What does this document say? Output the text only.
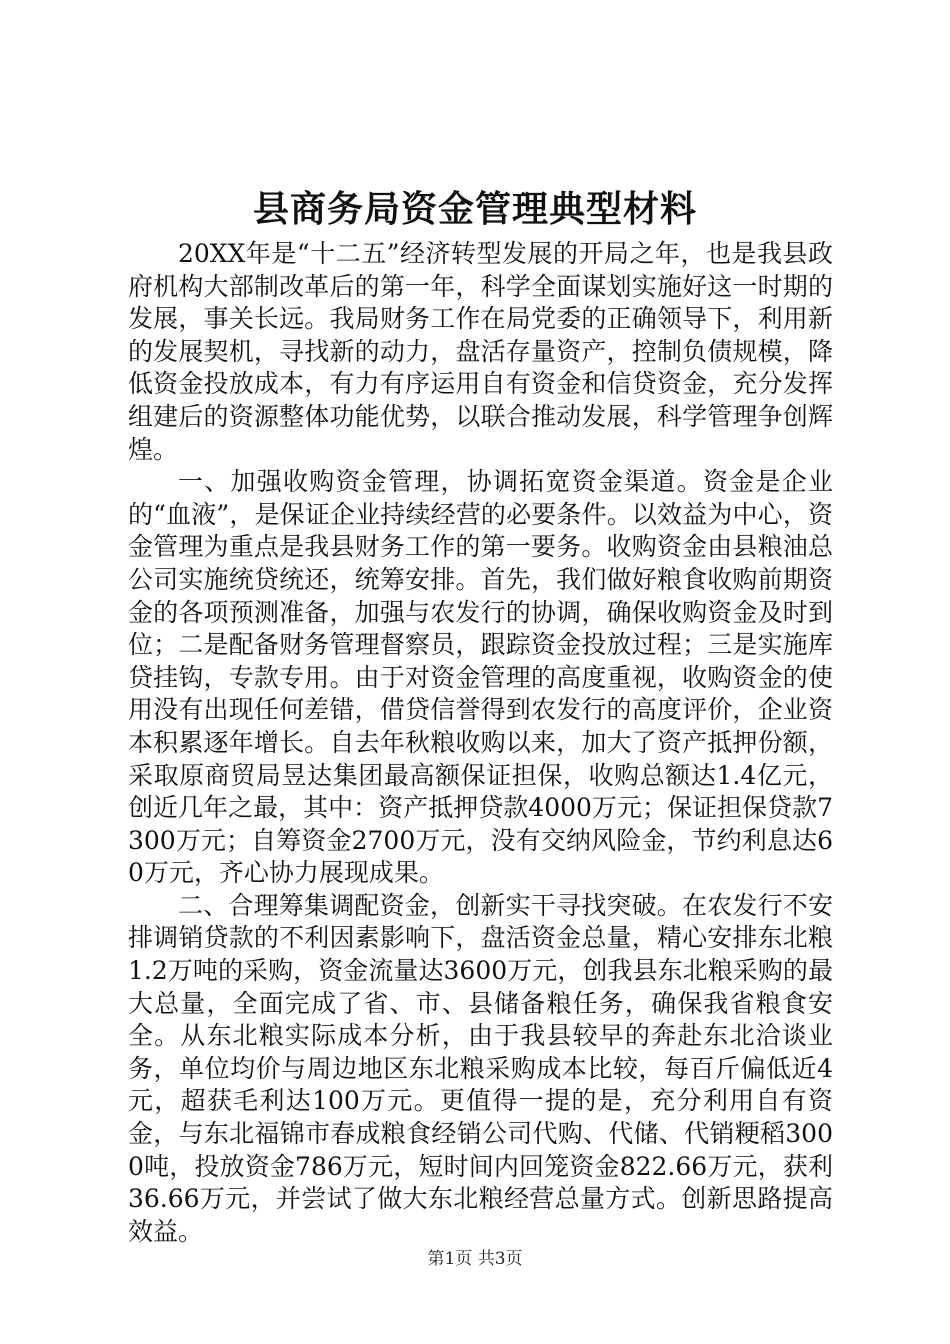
县商务局资金管理典型材料

20XX年是“十二五”经济转型发展的开局之年，也是我县政府机构大部制改革后的第一年，科学全面谋划实施好这一时期的发展，事关长远。我局财务工作在局党委的正确领导下，利用新的发展契机，寻找新的动力，盘活存量资产，控制负债规模，降低资金投放成本，有力有序运用自有资金和信贷资金，充分发挥组建后的资源整体功能优势，以联合推动发展，科学管理争创辉煌。

一、加强收购资金管理，协调拓宽资金渠道。资金是企业的“血液”，是保证企业持续经营的必要条件。以效益为中心，资金管理为重点是我县财务工作的第一要务。收购资金由县粮油总公司实施统贷统还，统筹安排。首先，我们做好粮食收购前期资金的各项预测准备，加强与农发行的协调，确保收购资金及时到位；二是配备财务管理督察员，跟踪资金投放过程；三是实施库贷挂钩，专款专用。由于对资金管理的高度重视，收购资金的使用没有出现任何差错，借贷信誉得到农发行的高度评价，企业资本积累逐年增长。自去年秋粮收购以来，加大了资产抵押份额，采取原商贸局昱达集团最高额保证担保，收购总额达1.4亿元，创近几年之最，其中：资产抵押贷款4000万元；保证担保贷款7300万元；自筹资金2700万元，没有交纳风险金，节约利息达60万元，齐心协力展现成果。

二、合理筹集调配资金，创新实干寻找突破。在农发行不安排调销贷款的不利因素影响下，盘活资金总量，精心安排东北粮1.2万吨的采购，资金流量达3600万元，创我县东北粮采购的最大总量，全面完成了省、市、县储备粮任务，确保我省粮食安全。从东北粮实际成本分析，由于我县较早的奔赴东北洽谈业务，单位均价与周边地区东北粮采购成本比较，每百斤偏低近4元，超获毛利达100万元。更值得一提的是，充分利用自有资金，与东北福锦市春成粮食经销公司代购、代储、代销粳稻3000吨，投放资金786万元，短时间内回笼资金822.66万元，获利36.66万元，并尝试了做大东北粮经营总量方式。创新思路提高效益。

第1页 共3页
